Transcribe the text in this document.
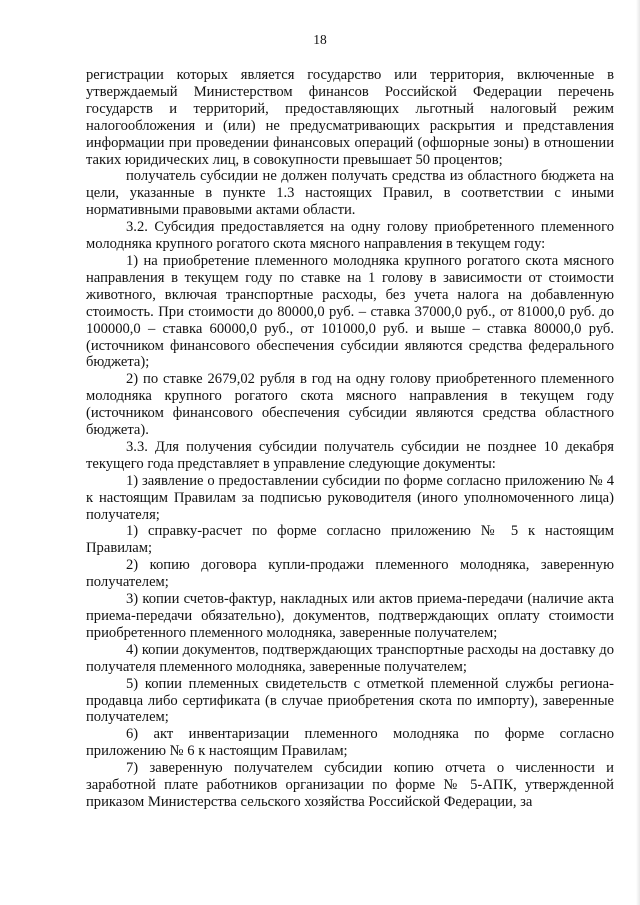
18

регистрации которых является государство или территория, включенные в утверждаемый Министерством финансов Российской Федерации перечень государств и территорий, предоставляющих льготный налоговый режим налогообложения и (или) не предусматривающих раскрытия и представления информации при проведении финансовых операций (офшорные зоны) в отношении таких юридических лиц, в совокупности превышает 50 процентов;

получатель субсидии не должен получать средства из областного бюджета на цели, указанные в пункте 1.3 настоящих Правил, в соответствии с иными нормативными правовыми актами области.

3.2. Субсидия предоставляется на одну голову приобретенного племенного молодняка крупного рогатого скота мясного направления в текущем году:

1) на приобретение племенного молодняка крупного рогатого скота мясного направления в текущем году по ставке на 1 голову в зависимости от стоимости животного, включая транспортные расходы, без учета налога на добавленную стоимость. При стоимости до 80000,0 руб. – ставка 37000,0 руб., от 81000,0 руб. до 100000,0 – ставка 60000,0 руб., от 101000,0 руб. и выше – ставка 80000,0 руб. (источником финансового обеспечения субсидии являются средства федерального бюджета);

2) по ставке 2679,02 рубля в год на одну голову приобретенного племенного молодняка крупного рогатого скота мясного направления в текущем году (источником финансового обеспечения субсидии являются средства областного бюджета).

3.3. Для получения субсидии получатель субсидии не позднее 10 декабря текущего года представляет в управление следующие документы:

1) заявление о предоставлении субсидии по форме согласно приложению № 4 к настоящим Правилам за подписью руководителя (иного уполномоченного лица) получателя;

1) справку-расчет по форме согласно приложению № 5 к настоящим Правилам;

2) копию договора купли-продажи племенного молодняка, заверенную получателем;

3) копии счетов-фактур, накладных или актов приема-передачи (наличие акта приема-передачи обязательно), документов, подтверждающих оплату стоимости приобретенного племенного молодняка, заверенные получателем;

4) копии документов, подтверждающих транспортные расходы на доставку до получателя племенного молодняка, заверенные получателем;

5) копии племенных свидетельств с отметкой племенной службы региона-продавца либо сертификата (в случае приобретения скота по импорту), заверенные получателем;

6) акт инвентаризации племенного молодняка по форме согласно приложению № 6 к настоящим Правилам;

7) заверенную получателем субсидии копию отчета о численности и заработной плате работников организации по форме № 5-АПК, утвержденной приказом Министерства сельского хозяйства Российской Федерации, за
